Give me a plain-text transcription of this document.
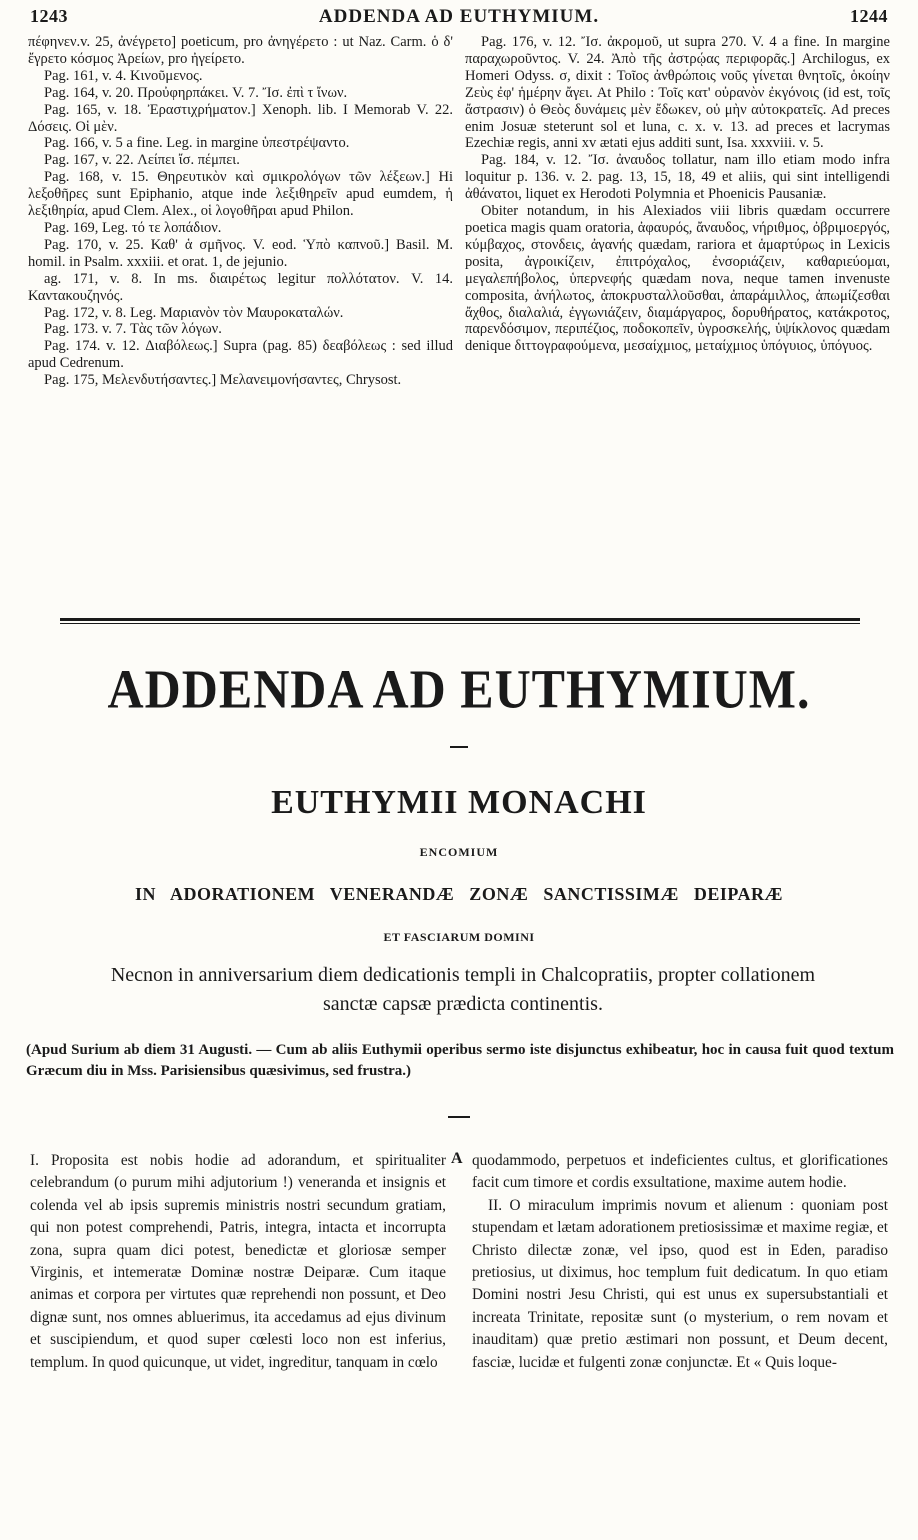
1243	ADDENDA AD EUTHYMIUM.	1244

πέφηνεν.v. 25, ἀνέγρετο] poeticum, pro ἀνηγέρετο : ut Naz. Carm. ὁ δ' ἔγρετο κόσμος Ἀρείων, pro ἠγείρετο.

Pag. 161, v. 4. Κινοῦμενος.

Pag. 164, v. 20. Προὐφηρπάκει. V. 7. Ἴσ. ἐπὶ τ ἴνων.

Pag. 165, v. 18. Ἐραστιχρήματον.] Xenoph. lib. I Memorab V. 22. Δόσεις. Οἱ μὲν.

Pag. 166, v. 5 a fine. Leg. in margine ὑπεστρέψαντο.

Pag. 167, v. 22. Λείπει ἴσ. πέμπει.

Pag. 168, v. 15. Θηρευτικὸν καὶ σμικρολόγων τῶν λέξεων.] Hi λεξοθῆρες sunt Epiphanio, atque inde λεξιθηρεῖν apud eumdem, ἡ λεξιθηρία, apud Clem. Alex., οἱ λογοθῆραι apud Philon.

Pag. 169, Leg. τό τε λοπάδιον.

Pag. 170, v. 25. Καθ' ἁ σμῆνος. V. eod. Ὑπὸ καπνοῦ.] Basil. M. homil. in Psalm. xxxiii. et orat. 1, de jejunio.

ag. 171, v. 8. In ms. διαιρέτως legitur πολλότατον. V. 14. Καντακουζηνός.

Pag. 172, v. 8. Leg. Μαριανὸν τὸν Μαυροκαταλών.

Pag. 173. v. 7. Τὰς τῶν λόγων.

Pag. 174. v. 12. Διαβόλεως.] Supra (pag. 85) δεαβόλεως : sed illud apud Cedrenum.

Pag. 175, Μελενδυτήσαντες.] Μελανειμονήσαντες, Chrysost.

Pag. 176, v. 12. Ἴσ. ἀκρομοῦ, ut supra 270. V. 4 a fine. In margine παραχωροῦντος. V. 24. Ἀπὸ τῆς ἀστρῴας περιφορᾶς.] Archilogus, ex Homeri Odyss. σ, dixit : Τοῖος ἀνθρώποις νοῦς γίνεται θνητοῖς, ὁκοίην Ζεὺς ἐφ' ἡμέρην ἄγει. At Philo : Τοῖς κατ' οὐρανὸν ἐκγόνοις (id est, τοῖς ἄστρασιν) ὁ Θεὸς δυνάμεις μὲν ἔδωκεν, οὐ μὴν αὐτοκρατεῖς. Ad preces enim Josuæ steterunt sol et luna, c. x. v. 13. ad preces et lacrymas Ezechiæ regis, anni xv ætati ejus additi sunt, Isa. xxxviii. v. 5.

Pag. 184, v. 12. Ἴσ. ἀναυδος tollatur, nam illo etiam modo infra loquitur p. 136. v. 2. pag. 13, 15, 18, 49 et aliis, qui sint intelligendi ἀθάνατοι, liquet ex Herodoti Polymnia et Phoenicis Pausaniæ.

Obiter notandum, in his Alexiados viii libris quædam occurrere poetica magis quam oratoria, ἀφαυρός, ἄναυδος, νήριθμος, ὀβριμοεργός, κύμβαχος, στονδεις, ἀγανής quædam, rariora et ἁμαρτύρως in Lexicis posita, ἀγροικίζειν, ἐπιτρόχαλος, ἐνσοριάζειν, καθαριεύομαι, μεγαλεπήβολος, ὑπερνεφής quædam nova, neque tamen invenuste composita, ἀνήλωτος, ἀποκρυσταλλοῦσθαι, ἀπαράμιλλος, ἀπωμίζεσθαι ἄχθος, διαλαλιά, ἐγγωνιάζειν, διαμάργαρος, δορυθήρατος, κατάκροτος, παρενδόσιμον, περιπέζιος, ποδοκοπεῖν, ὑγροσκελής, ὑψίκλονος quædam denique διττογραφούμενα, μεσαίχμιος, μεταίχμιος ὑπόγυιος, ὑπόγυος.

ADDENDA AD EUTHYMIUM.
EUTHYMII MONACHI
ENCOMIUM
IN ADORATIONEM VENERANDÆ ZONÆ SANCTISSIMÆ DEIPARÆ
ET FASCIARUM DOMINI
Necnon in anniversarium diem dedicationis templi in Chalcopratiis, propter collationem sanctæ capsæ prædicta continentis.
(Apud Surium ab diem 31 Augusti. — Cum ab aliis Euthymii operibus sermo iste disjunctus exhibeatur, hoc in causa fuit quod textum Græcum diu in Mss. Parisiensibus quæsivimus, sed frustra.)

I. Proposita est nobis hodie ad adorandum, et spiritualiter celebrandum (o purum mihi adjutorium !) veneranda et insignis et colenda vel ab ipsis supremis ministris nostri secundum gratiam, qui non potest comprehendi, Patris, integra, intacta et incorrupta zona, supra quam dici potest, benedictæ et gloriosæ semper Virginis, et intemeratæ Dominæ nostræ Deiparæ. Cum itaque animas et corpora per virtutes quæ reprehendi non possunt, et Deo dignæ sunt, nos omnes abluerimus, ita accedamus ad ejus divinum et suscipiendum, et quod super cœlesti loco non est inferius, templum. In quod quicunque, ut videt, ingreditur, tanquam in cœlo

quodammodo, perpetuos et indeficientes cultus, et glorificationes facit cum timore et cordis exsultatione, maxime autem hodie.

II. O miraculum imprimis novum et alienum : quoniam post stupendam et lætam adorationem pretiosissimæ et maxime regiæ, et Christo dilectæ zonæ, vel ipso, quod est in Eden, paradiso pretiosius, ut diximus, hoc templum fuit dedicatum. In quo etiam Domini nostri Jesu Christi, qui est unus ex supersubstantiali et increata Trinitate, repositæ sunt (o mysterium, o rem novam et inauditam) quæ pretio æstimari non possunt, et Deum decent, fasciæ, lucidæ et fulgenti zonæ conjunctæ. Et « Quis loque-

A
